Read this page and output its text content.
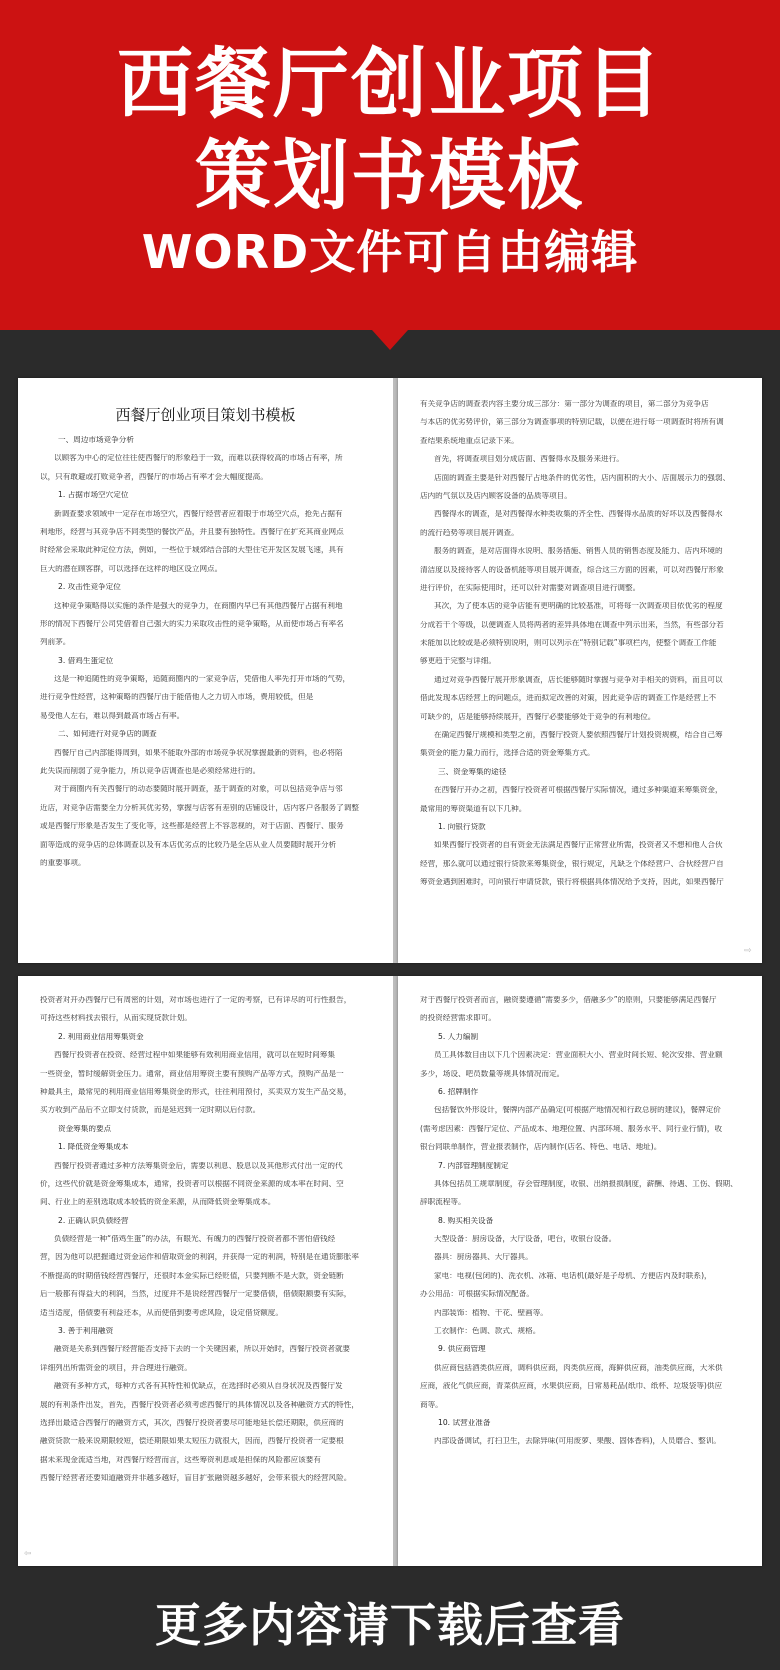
西餐厅创业项目
策划书模板
WORD文件可自由编辑
西餐厅创业项目策划书模板
一、周边市场竞争分析
以顾客为中心的定位往往使西餐厅的形象趋于一致，而难以获得较高的市场占有率，所
以，只有敢避或打败竞争者，西餐厅的市场占有率才会大幅度提高。
1. 占据市场空穴定位
新调查要求领域中一定存在市场空穴，西餐厅经营者应着眼于市场空穴点，抢先占据有
利地形，经营与其竞争店不同类型的餐饮产品，并且要有独特性。西餐厅在扩充其商业网点
时经常会采取此种定位方法，例如，一些位于城郊结合部的大型住宅开发区发展飞速，具有
巨大的潜在顾客群，可以选择在这样的地区设立网点。
2. 攻击性竞争定位
这种竞争策略得以实施的条件是强大的竞争力，在商圈内早已有其他西餐厅占据有利地
形的情况下西餐厅公司凭借着自己强大的实力采取攻击性的竞争策略，从而使市场占有率名
列前茅。
3. 借鸡生蛋定位
这是一种追随性的竞争策略，追随商圈内的一家竞争店，凭借他人率先打开市场的气势，
进行竞争性经营，这种策略的西餐厅由于能借他人之力切入市场，费用较低，但是
易受他人左右，难以得到最高市场占有率。
二、如何进行对竞争店的调查
西餐厅自己内部能得周到，如果不能取外部的市场竞争状况掌握最新的资料，也必将陷
此失误而削弱了竞争能力，所以竞争店调查也是必须经常进行的。
对于商圈内有关西餐厅的动态要随时展开调查，基于调查的对象，可以包括竞争店与邻
近店，对竞争店需要全力分析其优劣势，掌握与店客有差别的店铺设计，店内客户各服务了调整
或是西餐厅形象是否发生了变化等，这些都是经营上不容忽视的，对于店面、西餐厅、服务
面等造成的竞争店的总体调查以及有本店优劣点的比较乃是全店从业人员要随时展开分析
的重要事项。
有关竞争店的调查表内容主要分成三部分：第一部分为调查的项目，第二部分为竞争店
与本店的优劣势评价，第三部分为调查事项的特别记载，以便在进行每一项调查时将所有调
查结果系统地重点记录下来。
首先，将调查项目划分成店面、西餐得水及服务来进行。
店面的调查主要是针对西餐厅占地条件的优劣性，店内面积的大小、店面展示力的强弱、
店内的气氛以及店内顾客设备的品质等项目。
西餐得水的调查，是对西餐得水种类收集的齐全性、西餐得水品质的好坏以及西餐得水
的流行趋势等项目展开调查。
服务的调查，是对店面得水说明、服务措施、销售人员的销售态度及能力、店内环境的
清洁度以及接待客人的设备机能等项目展开调查，综合这三方面的因素，可以对西餐厅形象
进行评价，在实际使用时，还可以针对需要对调查项目进行调整。
其次，为了使本店的竞争店能有更明确的比较基准，可将每一次调查项目依优劣的程度
分成若干个等级，以便调查人员将两者的差异具体地在调查中列示出来，当然，有些部分若
未能加以比较或是必须特别说明，则可以列示在“特别记载”事项栏内，使整个调查工作能
够更趋于完整与详细。
通过对竞争西餐厅展开形象调查，店长能够随时掌握与竞争对手相关的资料，而且可以
借此发现本店经营上的问题点，进而拟定改善的对策，因此竞争店的调查工作是经营上不
可缺少的，店是能够持续展开，西餐厅必要能够处于竞争的有利地位。
在确定西餐厅规模和类型之前，西餐厅投资人要依照西餐厅计划投资规模，结合自己筹
集资金的能力量力而行，选择合适的资金筹集方式。
三、资金筹集的途径
在西餐厅开办之初，西餐厅投资者可根据西餐厅实际情况，通过多种渠道来筹集资金，
最常用的筹资渠道有以下几种。
1. 向银行贷款
如果西餐厅投资者的自有资金无法满足西餐厅正常营业所需，投资者又不想和他人合伙
经营，那么就可以通过银行贷款来筹集资金，银行规定，凡缺乏个体经营户、合伙经营户自
筹资金遇到困难时，可向银行申请贷款，银行将根据具体情况给予支持，因此，如果西餐厅
⇨
投资者对开办西餐厅已有周密的计划，对市场也进行了一定的考察，已有详尽的可行性报告，
可持这些材料找去银行，从而实现贷款计划。
2. 利用商业信用筹集资金
西餐厅投资者在投资、经营过程中如果能够有效利用商业信用，就可以在短时间筹集
一些资金，暂时缓解资金压力。通常，商业信用筹资主要有预购产品等方式，预购产品是一
种最具主，最常见的利用商业信用筹集资金的形式，往往利用预付，买卖双方发生产品交易，
买方收到产品后不立即支付货款，而是延迟到一定时期以后付款。
资金筹集的要点
1. 降低资金筹集成本
西餐厅投资者通过多种方法筹集资金后，需要以利息、股息以及其他形式付出一定的代
价，这些代价就是资金筹集成本，通常，投资者可以根据不同资金来源的成本率在时间、空
间、行业上的差别选取成本较低的资金来源，从而降低资金筹集成本。
2. 正确认识负债经营
负债经营是一种“借鸡生蛋”的办法，有眼光、有魄力的西餐厅投资者都不害怕借钱经
营，因为他可以把握通过资金运作和借取资金的利润，并获得一定的利润，特别是在通货膨胀率
不断提高的时期借钱经营西餐厅，还很时本金实际已经贬值，只要判断不是大款，资金链断
后一般都有得益大的利润，当然，过度并不是说经营西餐厅一定要借债，借债限额要有实际，
适当适度，借债要有利益还本，从而使借到要考虑风险，设定借贷额度。
3. 善于利用融资
融资是关系到西餐厅经营能否支持下去的一个关键因素，所以开始时，西餐厅投资者就要
详细列出所需资金的项目，并合理进行融资。
融资有多种方式，每种方式各有其特性和优缺点，在选择时必须从自身状况及西餐厅发
展的有利条件出发，首先，西餐厅投资者必须考虑西餐厅的具体情况以及各种融资方式的特性，
选择出最适合西餐厅的融资方式，其次，西餐厅投资者要尽可能地延长偿还期限，供应商的
融资贷款一般来说期限较短，偿还期限如果太短压力就很大，因而，西餐厅投资者一定要根
据未来现金流适当地，对西餐厅经营而言，这些筹资利息或是担保的风险都应该要有
西餐厅经营者还要知道融资并非越多越好，盲目扩张融资越多越好，会带来很大的经营风险。
⇦
对于西餐厅投资者而言，融资要遵循“需要多少，借融多少”的原则，只要能够满足西餐厅
的投资经营需求即可。
5. 人力编制
员工具体数目由以下几个因素决定：营业面积大小、营业时间长短、轮次安排、营业额
多少，场设、吧员数量等规具体情况而定。
6. 招牌制作
包括餐饮外形设计，餐牌内部产品确定(可根据产地情况和行政总厨的建议)，餐牌定价
(需考虑因素：西餐厅定位、产品成本、地理位置、内部环境、服务水平、同行业行情)，收
银台同联单制作，营业报表制作，店内制作(店名、特色、电话、地址)。
7. 内部管理制度制定
具体包括员工规章制度，存会管理制度，收银、出纳报损制度，薪酬、待遇、工伤、假期、
辞职流程等。
8. 购买相关设备
大型设备：厨房设备，大厅设备，吧台，收银台设备。
器具：厨房器具、大厅器具。
家电：电视(包闭的)、洗衣机、冰箱、电话机(最好是子母机、方便店内及时联系)，
办公用品：可根据实际情况配备。
内部装饰：植物、干花、壁画等。
工衣制作：色调、款式、规格。
9. 供应商管理
供应商包括酒类供应商，调料供应商，肉类供应商，海鲜供应商，油类供应商，大米供
应商，液化气供应商，青菜供应商，水果供应商，日常易耗品(纸巾、纸杯、垃圾袋等)供应
商等。
10. 试营业准备
内部设备调试，打扫卫生，去除异味(可用废萝、果酸、固体香料)，人员磨合、整训。
更多内容请下载后查看
